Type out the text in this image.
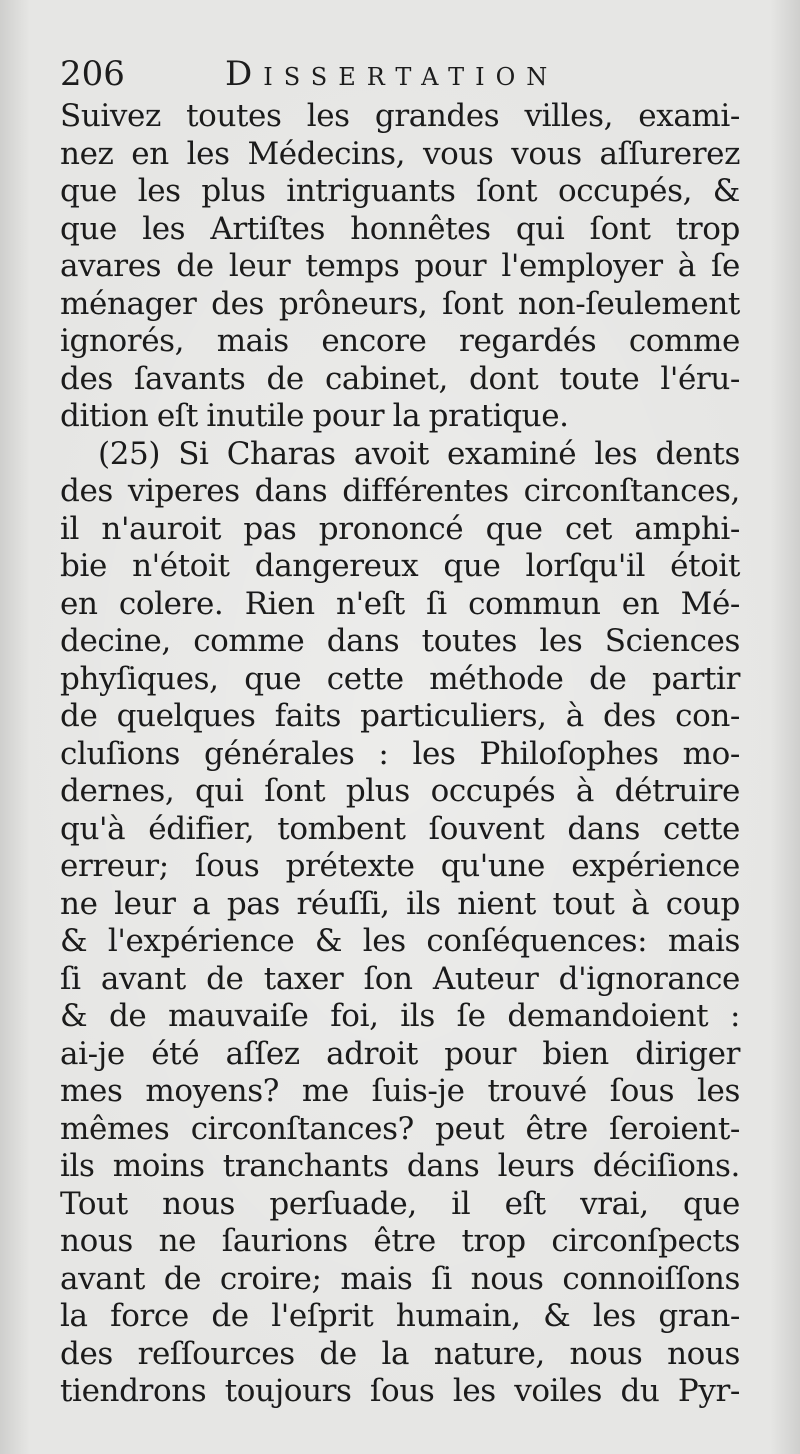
206	Dissertation
Suivez toutes les grandes villes, exami-
nez en les Médecins, vous vous aſſurerez
que les plus intriguants ſont occupés, &
que les Artiſtes honnêtes qui ſont trop
avares de leur temps pour l'employer à ſe
ménager des prôneurs, ſont non-ſeulement
ignorés, mais encore regardés comme
des ſavants de cabinet, dont toute l'éru-
dition eſt inutile pour la pratique.
(25) Si Charas avoit examiné les dents
des viperes dans différentes circonſtances,
il n'auroit pas prononcé que cet amphi-
bie n'étoit dangereux que lorſqu'il étoit
en colere. Rien n'eſt ſi commun en Mé-
decine, comme dans toutes les Sciences
phyſiques, que cette méthode de partir
de quelques faits particuliers, à des con-
cluſions générales : les Philoſophes mo-
dernes, qui ſont plus occupés à détruire
qu'à édifier, tombent ſouvent dans cette
erreur; ſous prétexte qu'une expérience
ne leur a pas réuſſi, ils nient tout à coup
& l'expérience & les conſéquences: mais
ſi avant de taxer ſon Auteur d'ignorance
& de mauvaiſe foi, ils ſe demandoient :
ai-je été aſſez adroit pour bien diriger
mes moyens? me ſuis-je trouvé ſous les
mêmes circonſtances? peut être ſeroient-
ils moins tranchants dans leurs déciſions.
Tout nous perſuade, il eſt vrai, que
nous ne ſaurions être trop circonſpects
avant de croire; mais ſi nous connoiſſons
la force de l'eſprit humain, & les gran-
des reſſources de la nature, nous nous
tiendrons toujours ſous les voiles du Pyr-
